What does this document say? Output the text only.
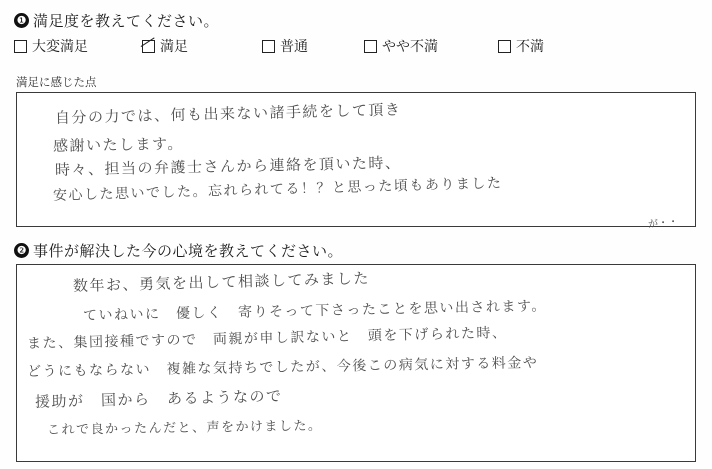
❶ 満足度を教えてください。
大変満足	満足	普通	やや不満	不満
満足に感じた点
自分の力では、何も出来ない諸手続をして頂き
感謝いたします。
時々、担当の弁護士さんから連絡を頂いた時、
安心した思いでした。忘れられてる！？と思った頃もありました
が・・
❷ 事件が解決した今の心境を教えてください。
数年お、勇気を出して相談してみました
ていねいに　優しく　寄りそって下さったことを思い出されます。
また、集団接種ですので　両親が申し訳ないと　頭を下げられた時、
どうにもならない　複雑な気持ちでしたが、今後この病気に対する料金や
援助が　国から　あるようなので
これで良かったんだと、声をかけました。
